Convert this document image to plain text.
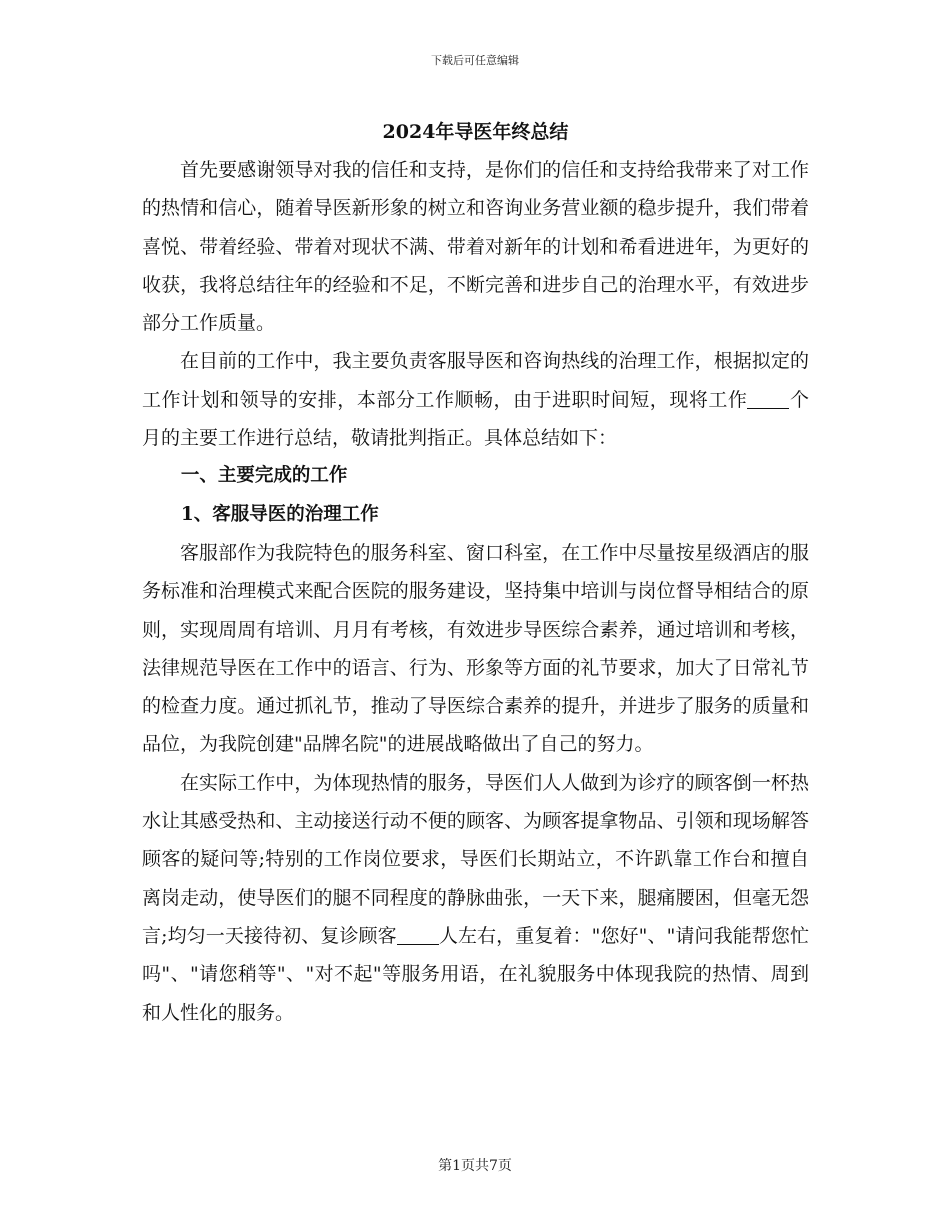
下载后可任意编辑
2024年导医年终总结

首先要感谢领导对我的信任和支持，是你们的信任和支持给我带来了对工作的热情和信心，随着导医新形象的树立和咨询业务营业额的稳步提升，我们带着喜悦、带着经验、带着对现状不满、带着对新年的计划和希看进进年，为更好的收获，我将总结往年的经验和不足，不断完善和进步自己的治理水平，有效进步部分工作质量。

在目前的工作中，我主要负责客服导医和咨询热线的治理工作，根据拟定的工作计划和领导的安排，本部分工作顺畅，由于进职时间短，现将工作 个月的主要工作进行总结，敬请批判指正。具体总结如下：

一、主要完成的工作
1、客服导医的治理工作

客服部作为我院特色的服务科室、窗口科室，在工作中尽量按星级酒店的服务标准和治理模式来配合医院的服务建设，坚持集中培训与岗位督导相结合的原则，实现周周有培训、月月有考核，有效进步导医综合素养，通过培训和考核，法律规范导医在工作中的语言、行为、形象等方面的礼节要求，加大了日常礼节的检查力度。通过抓礼节，推动了导医综合素养的提升，并进步了服务的质量和品位，为我院创建"品牌名院"的进展战略做出了自己的努力。

在实际工作中，为体现热情的服务，导医们人人做到为诊疗的顾客倒一杯热水让其感受热和、主动接送行动不便的顾客、为顾客提拿物品、引领和现场解答顾客的疑问等;特别的工作岗位要求，导医们长期站立，不许趴靠工作台和擅自离岗走动，使导医们的腿不同程度的静脉曲张，一天下来，腿痛腰困，但毫无怨言;均匀一天接待初、复诊顾客 人左右，重复着："您好"、"请问我能帮您忙吗"、"请您稍等"、"对不起"等服务用语，在礼貌服务中体现我院的热情、周到和人性化的服务。

第1页共7页
